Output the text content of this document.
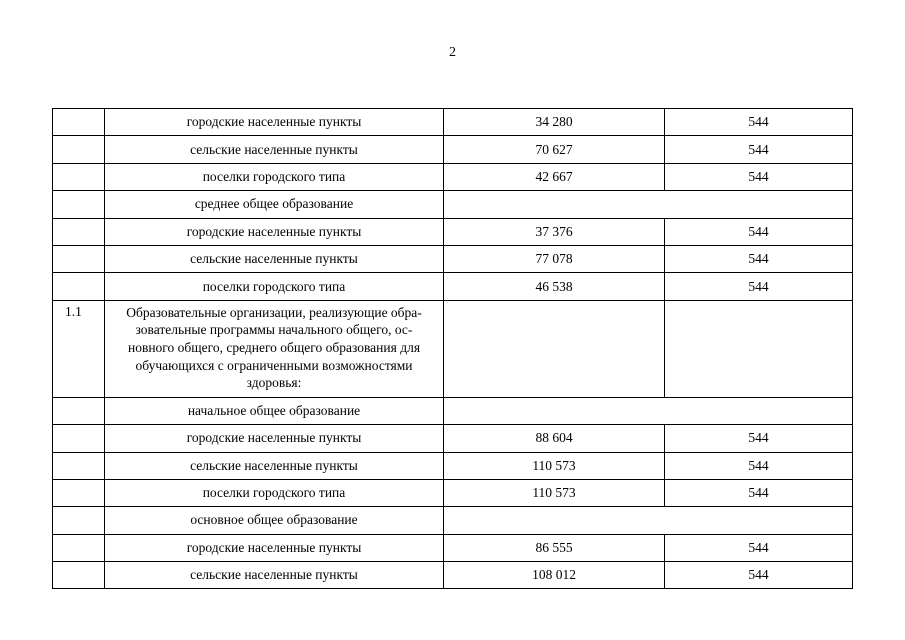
2
	городские населенные пункты	34 280	544
	сельские населенные пункты	70 627	544
	поселки городского типа	42 667	544
	среднее общее образование		
	городские населенные пункты	37 376	544
	сельские населенные пункты	77 078	544
	поселки городского типа	46 538	544
1.1	Образовательные организации, реализующие обра-
зовательные программы начального общего, ос-
новного общего, среднего общего образования для
обучающихся с ограниченными возможностями
здоровья:		

	начальное общее образование		
	городские населенные пункты	88 604	544
	сельские населенные пункты	110 573	544
	поселки городского типа	110 573	544
	основное общее образование		
	городские населенные пункты	86 555	544
	сельские населенные пункты	108 012	544
